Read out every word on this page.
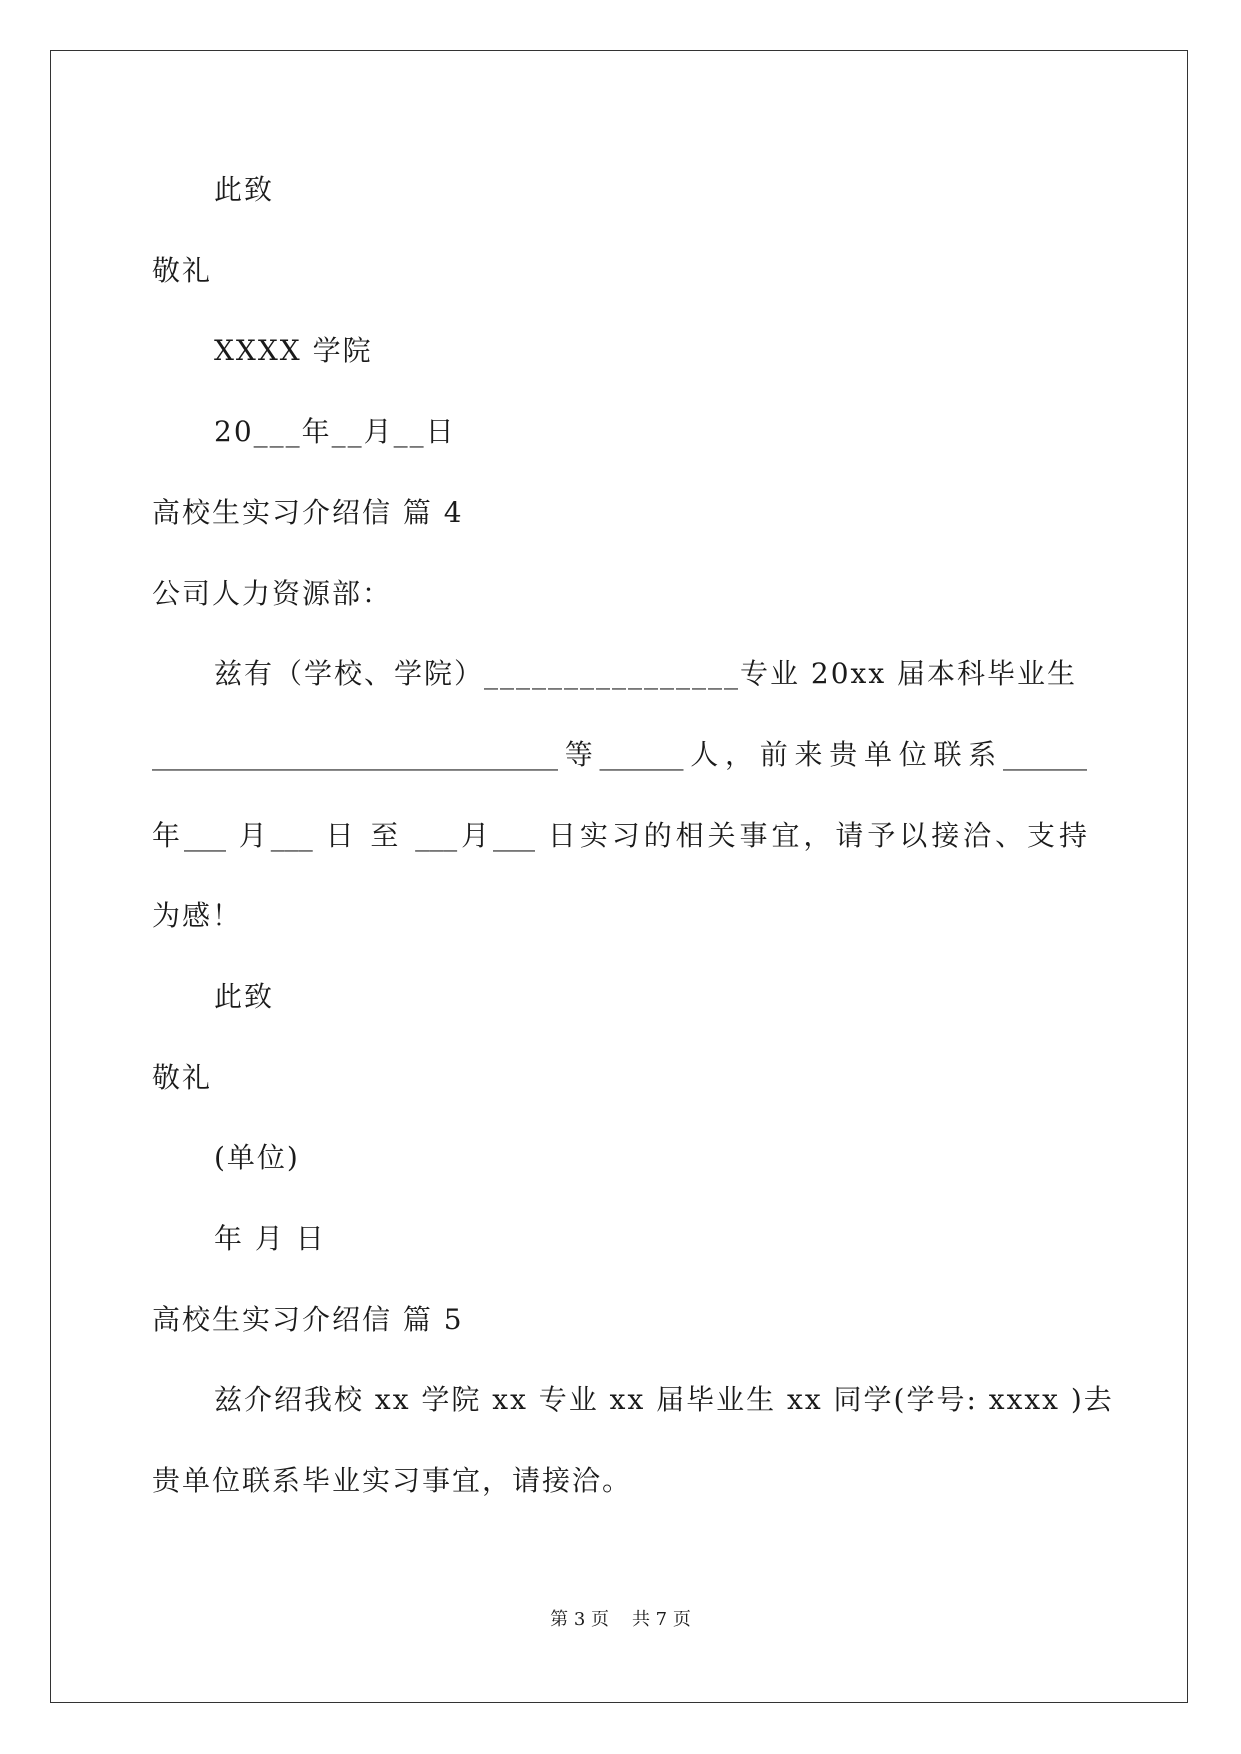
此致
敬礼
XXXX 学院
20___年__月__日
高校生实习介绍信 篇 4
公司人力资源部：
兹有（学校、学院）________________专业 20xx 届本科毕业生
_____________________________等______人，前来贵单位联系______
年___ 月___ 日 至 ___月___ 日实习的相关事宜，请予以接洽、支持
为感！
此致
敬礼
(单位)
年 月 日
高校生实习介绍信 篇 5
兹介绍我校 xx 学院 xx 专业 xx 届毕业生 xx 同学(学号: xxxx )去
贵单位联系毕业实习事宜，请接洽。
第 3 页    共 7 页
